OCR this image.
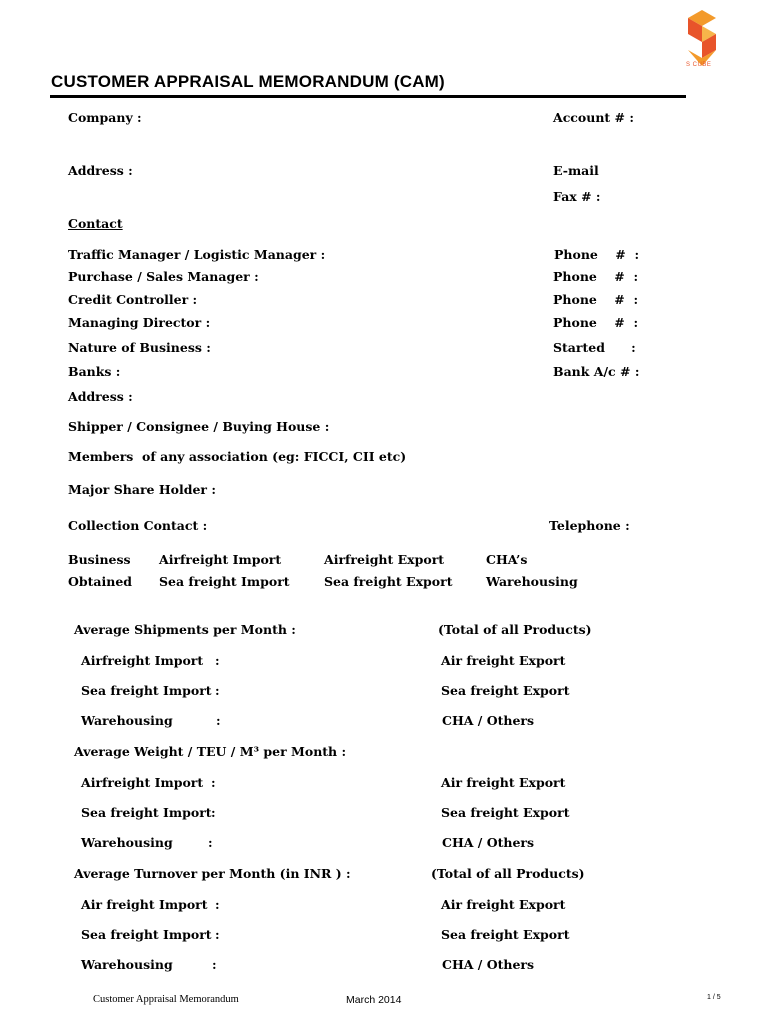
S CUBE
CUSTOMER APPRAISAL MEMORANDUM (CAM)
Company :	Account # :
Address :	E-mail
Fax # :
Contact
Traffic Manager / Logistic Manager :	Phone    #  :
Purchase / Sales Manager :	Phone    #  :
Credit Controller :	Phone    #  :
Managing Director :	Phone    #  :
Nature of Business :	Started      :
Banks :	Bank A/c # :
Address :
Shipper / Consignee / Buying House :
Members  of any association (eg: FICCI, CII etc)
Major Share Holder :
Collection Contact :	Telephone :
Business Airfreight Import	Airfreight Export	CHA’s
Obtained Sea freight Import	Sea freight Export	Warehousing
Average Shipments per Month :	(Total of all Products)
Airfreight Import :	Air freight Export
Sea freight Import :	Sea freight Export
Warehousing	:	CHA / Others
Average Weight / TEU / M³ per Month :
Airfreight Import :	Air freight Export
Sea freight Import :	Sea freight Export
Warehousing	:	CHA / Others
Average Turnover per Month (in INR ) :	(Total of all Products)
Air freight Import :	Air freight Export
Sea freight Import :	Sea freight Export
Warehousing	:	CHA / Others
Customer Appraisal Memorandum	March 2014	1 / 5
